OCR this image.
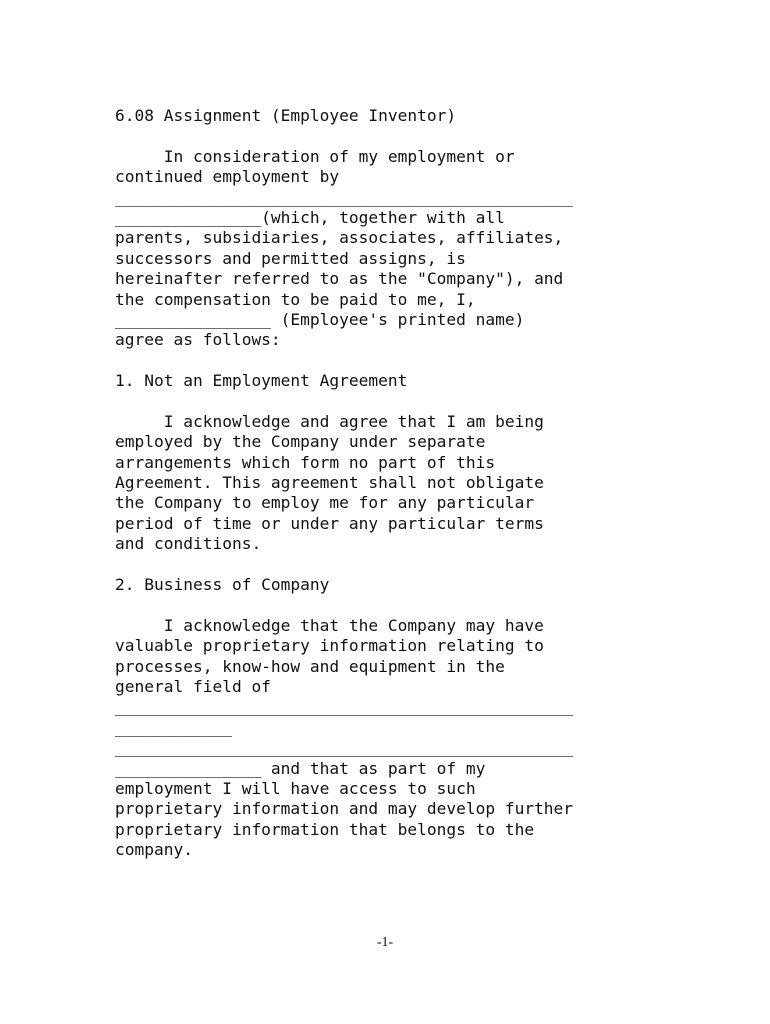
6.08 Assignment (Employee Inventor)
In consideration of my employment or
continued employment by
_______________________________________________
_______________(which, together with all
parents, subsidiaries, associates, affiliates,
successors and permitted assigns, is
hereinafter referred to as the "Company"), and
the compensation to be paid to me, I,
________________ (Employee's printed name)
agree as follows:
1. Not an Employment Agreement
I acknowledge and agree that I am being
employed by the Company under separate
arrangements which form no part of this
Agreement. This agreement shall not obligate
the Company to employ me for any particular
period of time or under any particular terms
and conditions.
2. Business of Company
I acknowledge that the Company may have
valuable proprietary information relating to
processes, know-how and equipment in the
general field of
_______________________________________________
____________
_______________________________________________
_______________ and that as part of my
employment I will have access to such
proprietary information and may develop further
proprietary information that belongs to the
company.
-1-
